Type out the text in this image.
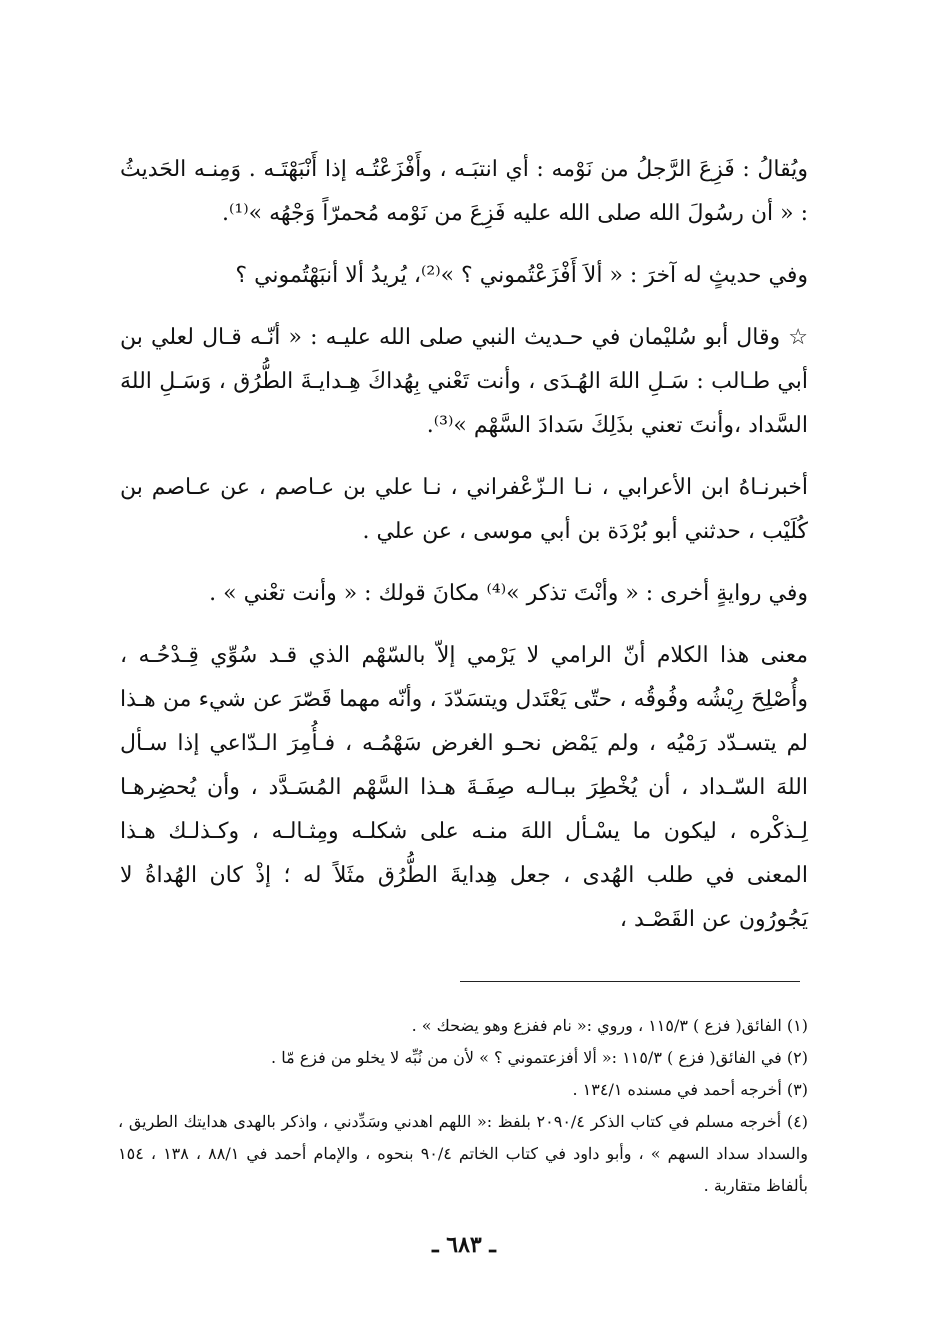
ويُقالُ : فَزِعَ الرَّجلُ من نَوْمه : أي انتبَـه ، وأَفْزَعْتُـه إذا أَنْبَهْتَـه . وَمِنـه الحَديثُ : « أن رسُولَ الله صلى الله عليه فَزِعَ من نَوْمه مُحمرّاً وَجْهُه »⁽¹⁾.

وفي حديثٍ له آخرَ : « ألاَ أَفْزَعْتُموني ؟ »⁽²⁾، يُريدُ ألا أنبَهْتُموني ؟

☆ وقال أبو سُليْمان في حـديث النبي صلى الله عليـه : « أنّـه قـال لعلي بن أبي طـالب : سَـلِ اللهَ الهُـدَى ، وأنت تَعْني بِهُداكَ هِـدايـةَ الطُّرُق ، وَسَـلِ اللهَ السَّداد ،وأنتَ تعني بذَلِكَ سَدادَ السَّهْم »⁽³⁾.

أخبرنـاهُ ابن الأعرابي ، نـا الـزّعْفراني ، نـا علي بن عـاصم ، عن عـاصم بن كُلَيْب ، حدثني أبو بُرْدَة بن أبي موسى ، عن علي .

وفي روايةٍ أخرى : « وأنْتَ تذكر »⁽⁴⁾ مكانَ قولك : « وأنت تعْني » .

معنى هذا الكلام أنّ الرامي لا يَرْمي إلاّ بالسّهْم الذي قـد سُوِّي قِـدْحُـه ، وأُصْلِحَ رِيْشُه وفُوقُه ، حتّى يَعْتَدل ويتسَدّدَ ، وأنّه مهما قَصّرَ عن شيء من هـذا لم يتسـدّد رَمْيُه ، ولم يَمْض نحـو الغرض سَهْمُـه ، فـأُمِرَ الـدّاعي إذا سـأل اللهَ السّـداد ، أن يُخْطِرَ ببـالـه صِفَـةَ هـذا السَّهْم المُسَـدَّد ، وأن يُحضِرهـا لِـذكْره ، ليكون ما يسْـأل اللهَ منـه على شكلـه ومِثـالـه ، وكـذلـك هـذا المعنى في طلب الهُدى ، جعل هِدايةَ الطُّرُق مثَلاً له ؛ إذْ كان الهُداةُ لا يَجُورُون عن القَصْـد ،

(١) الفائق( فزع ) ١١٥/٣ ، وروي :« نام ففزع وهو يضحك » .

(٢) في الفائق( فزع ) ١١٥/٣ :« ألا أفزعتموني ؟ » لأن من نُبِّه لا يخلو من فزع مّا .

(٣) أخرجه أحمد في مسنده ١٣٤/١ .

(٤) أخرجه مسلم في كتاب الذكر ٢٠٩٠/٤ بلفظ :« اللهم اهدني وسَدِّدني ، واذكر بالهدى هدايتك الطريق ، والسداد سداد السهم » ، وأبو داود في كتاب الخاتم ٩٠/٤ بنحوه ، والإمام أحمد في ٨٨/١ ، ١٣٨ ، ١٥٤ بألفاظ متقاربة .

ـ ٦٨٣ ـ
